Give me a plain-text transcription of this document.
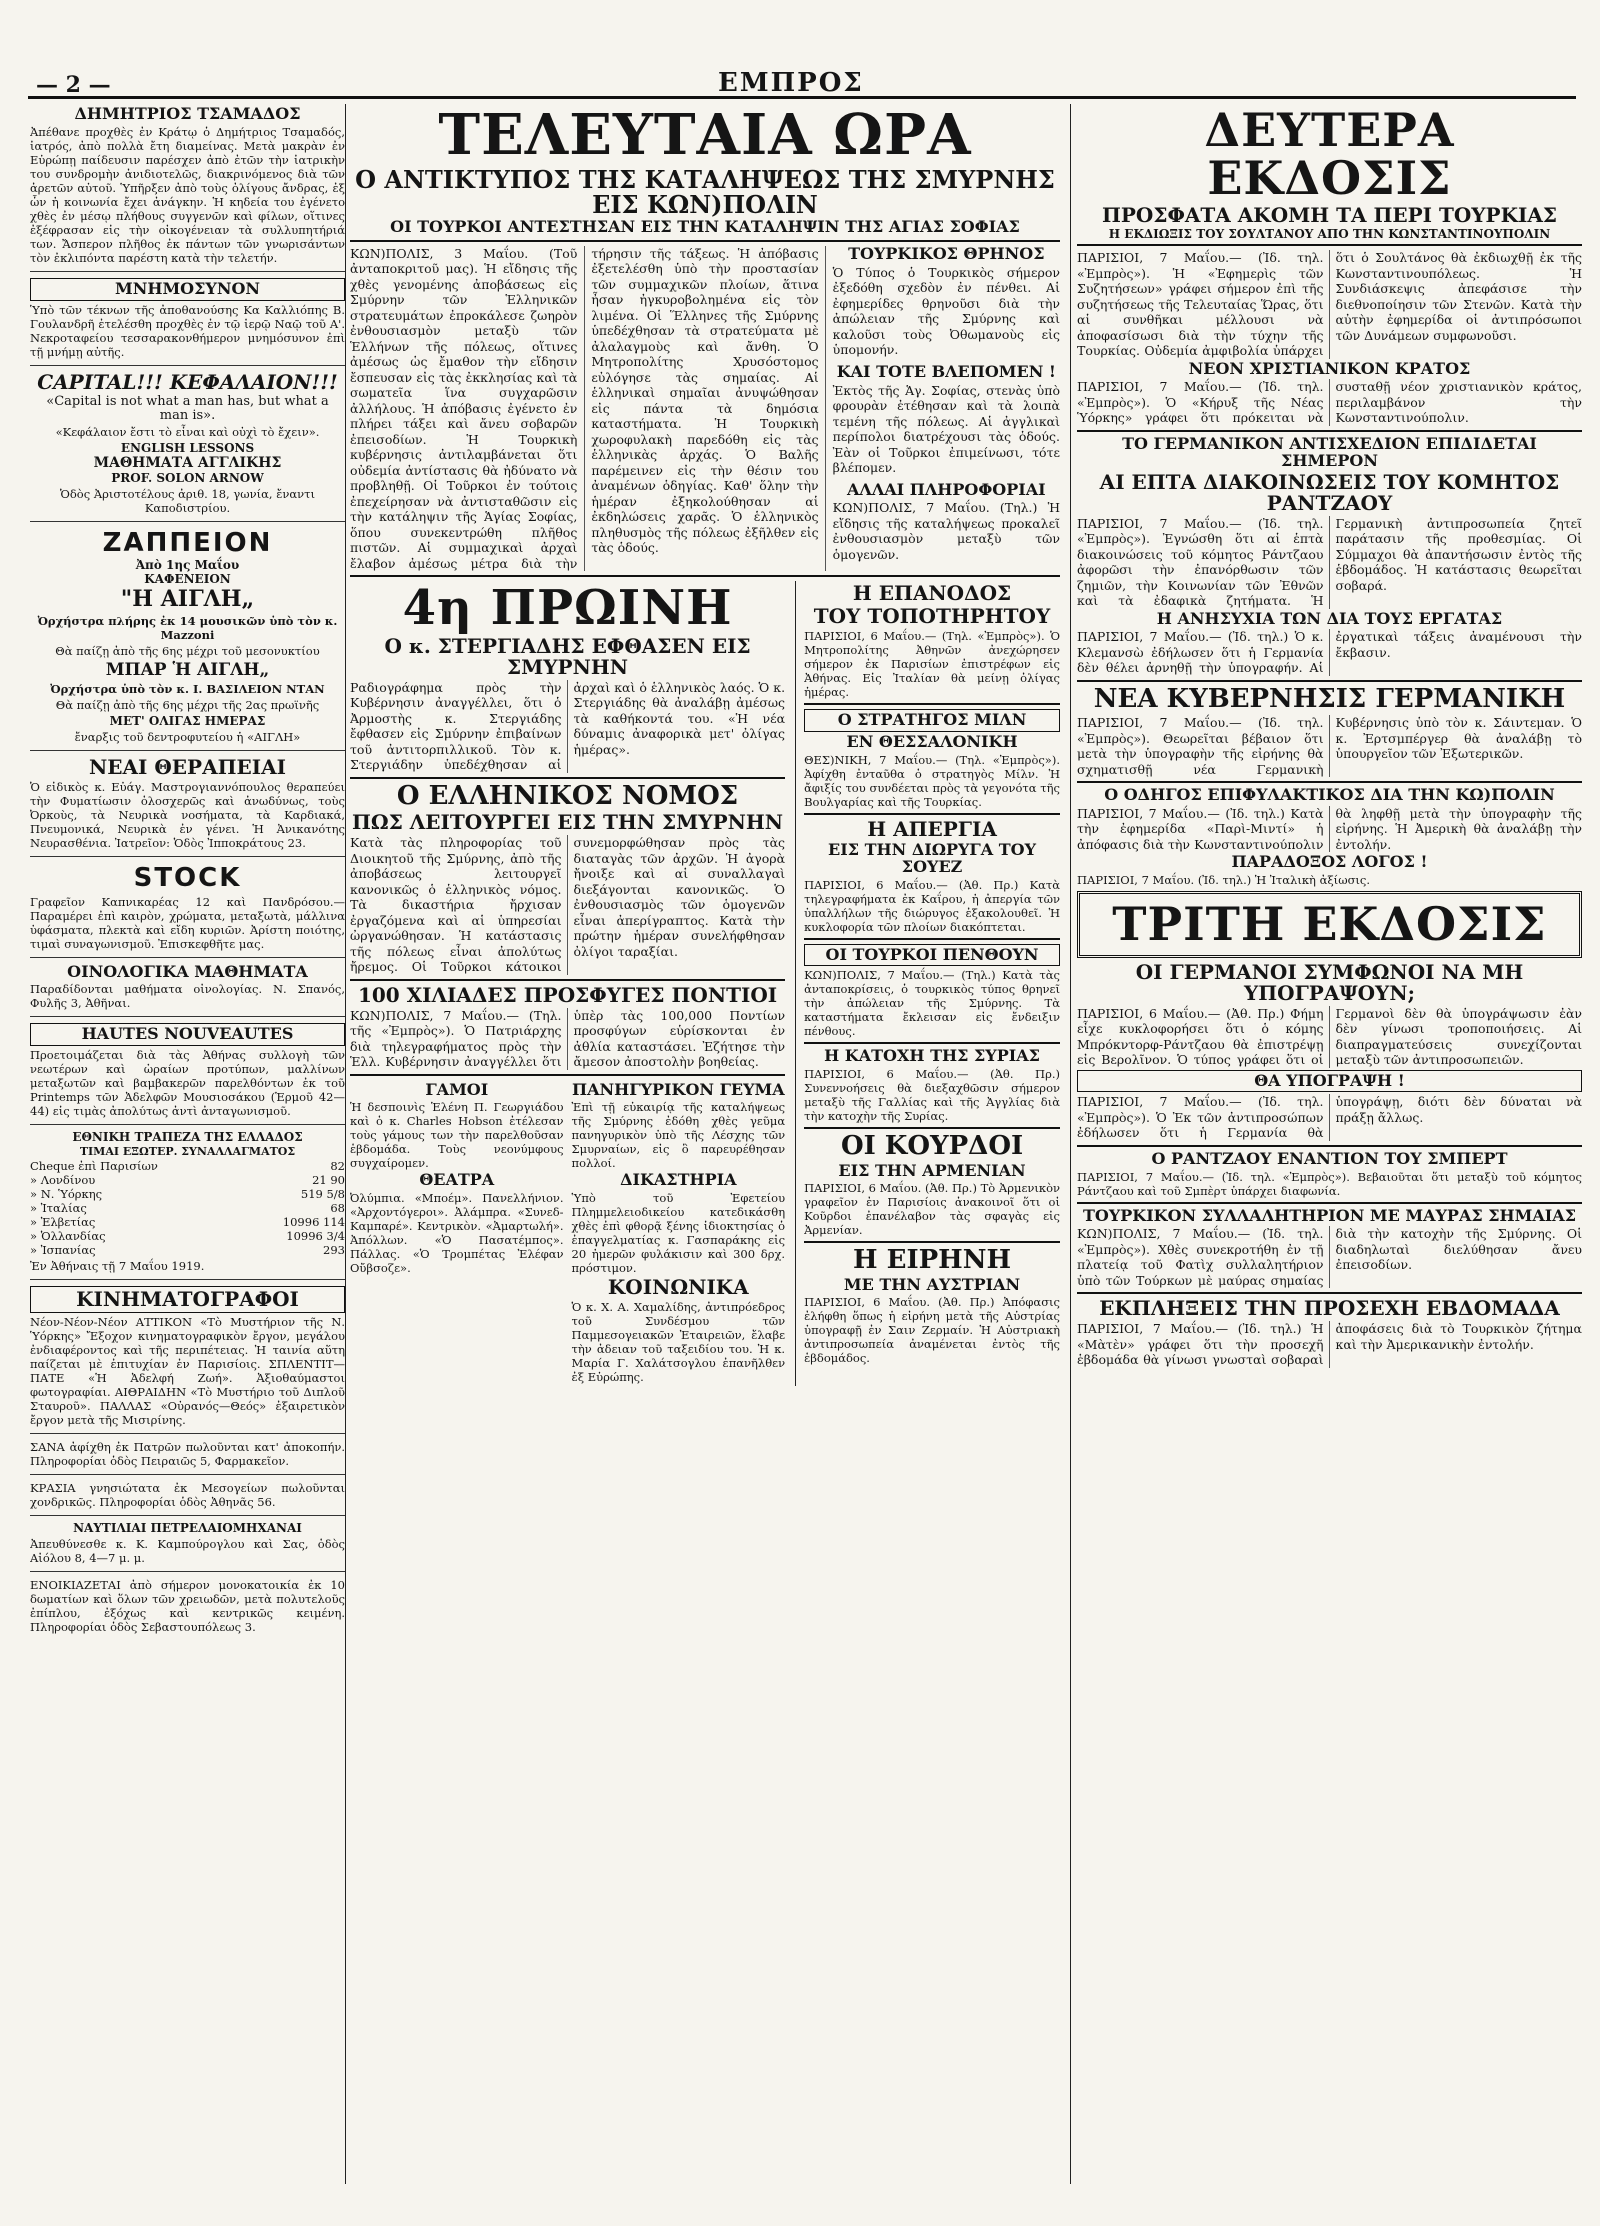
— 2 —	ΕΜΠΡΟΣ
ΔΗΜΗΤΡΙΟΣ ΤΣΑΜΑΔΟΣ
Ἀπέθανε προχθὲς ἐν Κράτῳ ὁ Δημήτριος Τσαμαδός, ἰατρός, ἀπὸ πολλὰ ἔτη διαμείνας. Μετὰ μακρὰν ἐν Εὐρώπῃ παίδευσιν παρέσχεν ἀπὸ ἐτῶν τὴν ἰατρικὴν του συνδρομὴν ἀνιδιοτελῶς, διακρινόμενος διὰ τῶν ἀρετῶν αὐτοῦ. Ὑπῆρξεν ἀπὸ τοὺς ὀλίγους ἄνδρας, ἐξ ὧν ἡ κοινωνία ἔχει ἀνάγκην. Ἡ κηδεία του ἐγένετο χθὲς ἐν μέσῳ πλήθους συγγενῶν καὶ φίλων, οἵτινες ἐξέφρασαν εἰς τὴν οἰκογένειαν τὰ συλλυπητήριά των. Ἄσπερον πλῆθος ἐκ πάντων τῶν γνωρισάντων τὸν ἐκλιπόντα παρέστη κατὰ τὴν τελετήν.
ΜΝΗΜΟΣΥΝΟΝ
Ὑπὸ τῶν τέκνων τῆς ἀποθανούσης Κα Καλλιόπης Β. Γουλανδρῆ ἐτελέσθη προχθὲς ἐν τῷ ἱερῷ Ναῷ τοῦ Α'. Νεκροταφείου τεσσαρακονθήμερον μνημόσυνον ἐπὶ τῇ μνήμῃ αὐτῆς.
CAPITAL!!! ΚΕΦΑΛΑΙΟΝ!!!
«Capital is not what a man has, but what a man is».
«Κεφάλαιον ἔστι τὸ εἶναι καὶ οὐχὶ τὸ ἔχειν».
ENGLISH LESSONS
ΜΑΘΗΜΑΤΑ ΑΓΓΛΙΚΗΣ
PROF. SOLON ARNOW
Ὁδὸς Ἀριστοτέλους ἀριθ. 18, γωνία, ἔναντι Καποδιστρίου.
ΖΑΠΠΕΙΟΝ
Ἀπὸ 1ης Μαΐου
ΚΑΦΕΝΕΙΟΝ
"Η ΑΙΓΛΗ„
Ὀρχήστρα πλήρης ἐκ 14 μουσικῶν ὑπὸ τὸν κ. Mazzoni
Θὰ παίζῃ ἀπὸ τῆς 6ης μέχρι τοῦ μεσονυκτίου
ΜΠΑΡ Ἡ ΑΙΓΛΗ„
Ὀρχήστρα ὑπὸ τὸν κ. Ι. ΒΑΣΙΛΕΙΟΝ ΝΤΑΝ
Θὰ παίζῃ ἀπὸ τῆς 6ης μέχρι τῆς 2ας πρωϊνῆς
ΜΕΤ' ΟΛΙΓΑΣ ΗΜΕΡΑΣ
ἔναρξις τοῦ δεντροφυτείου ἡ «ΑΙΓΛΗ»
ΝΕΑΙ ΘΕΡΑΠΕΙΑΙ
Ὁ εἰδικὸς κ. Εὐάγ. Μαστρογιαννόπουλος θεραπεύει τὴν Φυματίωσιν ὁλοσχερῶς καὶ ἀνωδύνως, τοὺς Ὀρκοὺς, τὰ Νευρικὰ νοσήματα, τὰ Καρδιακά, Πνευμονικά, Νευρικὰ ἐν γένει. Ἡ Ἀνικανότης Νευρασθένια. Ἰατρεῖον: Ὁδὸς Ἰπποκράτους 23.
STOCK
Γραφεῖον Καπνικαρέας 12 καὶ Πανδρόσου.— Παραμέρει ἐπὶ καιρὸν, χρώματα, μεταξωτὰ, μάλλινα ὑφάσματα, πλεκτὰ καὶ εἴδη κυριῶν. Ἀρίστη ποιότης, τιμαὶ συναγωνισμοῦ. Ἐπισκεφθῆτε μας.
ΟΙΝΟΛΟΓΙΚΑ ΜΑΘΗΜΑΤΑ
Παραδίδονται μαθήματα οἰνολογίας. Ν. Σπανός, Φυλῆς 3, Ἀθῆναι.
HAUTES NOUVEAUTES
Προετοιμάζεται διὰ τὰς Ἀθήνας συλλογὴ τῶν νεωτέρων καὶ ὡραίων προτύπων, μαλλίνων μεταξωτῶν καὶ βαμβακερῶν παρελθόντων ἐκ τοῦ Printemps τῶν Ἀδελφῶν Μουσιοσάκου (Ἑρμοῦ 42—44) εἰς τιμὰς ἀπολύτως ἀντὶ ἀνταγωνισμοῦ.
ΕΘΝΙΚΗ ΤΡΑΠΕΖΑ ΤΗΣ ΕΛΛΑΔΟΣ
ΤΙΜΑΙ ΕΞΩΤΕΡ. ΣΥΝΑΛΛΑΓΜΑΤΟΣ
Cheque ἐπὶ Παρισίων	82
» Λονδίνου	21 90
» Ν. Ὑόρκης	519 5/8
» Ἰταλίας	68
» Ἑλβετίας	10996 114
» Ὁλλανδίας	10996 3/4
» Ἰσπανίας	293
Ἐν Ἀθήναις τῇ 7 Μαΐου 1919.
ΚΙΝΗΜΑΤΟΓΡΑΦΟΙ
Νέον-Νέον-Νέον ΑΤΤΙΚΟΝ «Τὸ Μυστήριον τῆς Ν. Ὑόρκης» Ἔξοχον κινηματογραφικὸν ἔργον, μεγάλου ἐνδιαφέροντος καὶ τῆς περιπέτειας. Ἡ ταινία αὕτη παίζεται μὲ ἐπιτυχίαν ἐν Παρισίοις. ΣΠΛΕΝΤΙΤ—ΠΑΤΕ «Ἡ Ἀδελφή Ζωή». Ἀξιοθαύμαστοι φωτογραφίαι. ΑΙΘΡΑΙΔΗΝ «Τὸ Μυστήριο τοῦ Διπλοῦ Σταυροῦ». ΠΑΛΛΑΣ «Οὐρανός—Θεός» ἐξαιρετικὸν ἔργον μετὰ τῆς Μισιρίνης.
ΣΑΝΑ ἀφίχθη ἐκ Πατρῶν πωλοῦνται κατ' ἀποκοπήν. Πληροφορίαι ὁδὸς Πειραιῶς 5, Φαρμακεῖον.
ΚΡΑΣΙΑ γνησιώτατα ἐκ Μεσογείων πωλοῦνται χονδρικῶς. Πληροφορίαι ὁδὸς Ἀθηνᾶς 56.
ΝΑΥΤΙΛΙΑΙ ΠΕΤΡΕΛΑΙΟΜΗΧΑΝΑΙ
Ἀπευθύνεσθε κ. Κ. Καμπούρογλου καὶ Σας, ὁδὸς Αἰόλου 8, 4—7 μ. μ.
ΕΝΟΙΚΙΑΖΕΤΑΙ ἀπὸ σήμερον μονοκατοικία ἐκ 10 δωματίων καὶ ὅλων τῶν χρειωδῶν, μετὰ πολυτελοῦς ἐπίπλου, ἐξόχως καὶ κεντρικῶς κειμένη. Πληροφορίαι ὁδὸς Σεβαστουπόλεως 3.
ΤΕΛΕΥΤΑΙΑ ΩΡΑ
Ο ΑΝΤΙΚΤΥΠΟΣ ΤΗΣ ΚΑΤΑΛΗΨΕΩΣ ΤΗΣ ΣΜΥΡΝΗΣ ΕΙΣ ΚΩΝ)ΠΟΛΙΝ
ΟΙ ΤΟΥΡΚΟΙ ΑΝΤΕΣΤΗΣΑΝ ΕΙΣ ΤΗΝ ΚΑΤΑΛΗΨΙΝ ΤΗΣ ΑΓΙΑΣ ΣΟΦΙΑΣ
ΚΩΝ)ΠΟΛΙΣ, 3 Μαΐου. (Τοῦ ἀνταποκριτοῦ μας). Ἡ εἴδησις τῆς χθὲς γενομένης ἀποβάσεως εἰς Σμύρνην τῶν Ἑλληνικῶν στρατευμάτων ἐπροκάλεσε ζωηρὸν ἐνθουσιασμὸν μεταξὺ τῶν Ἑλλήνων τῆς πόλεως, οἵτινες ἀμέσως ὡς ἔμαθον τὴν εἴδησιν ἔσπευσαν εἰς τὰς ἐκκλησίας καὶ τὰ σωματεῖα ἵνα συγχαρῶσιν ἀλλήλους. Ἡ ἀπόβασις ἐγένετο ἐν πλήρει τάξει καὶ ἄνευ σοβαρῶν ἐπεισοδίων. Ἡ Τουρκικὴ κυβέρνησις ἀντιλαμβάνεται ὅτι οὐδεμία ἀντίστασις θὰ ἠδύνατο νὰ προβληθῇ. Οἱ Τοῦρκοι ἐν τούτοις ἐπεχείρησαν νὰ ἀντισταθῶσιν εἰς τὴν κατάληψιν τῆς Ἁγίας Σοφίας, ὅπου συνεκεντρώθη πλῆθος πιστῶν. Αἱ συμμαχικαὶ ἀρχαὶ ἔλαβον ἀμέσως μέτρα διὰ τὴν τήρησιν τῆς τάξεως. Ἡ ἀπόβασις ἐξετελέσθη ὑπὸ τὴν προστασίαν τῶν συμμαχικῶν πλοίων, ἅτινα ἦσαν ἠγκυροβολημένα εἰς τὸν λιμένα. Οἱ Ἕλληνες τῆς Σμύρνης ὑπεδέχθησαν τὰ στρατεύματα μὲ ἀλαλαγμοὺς καὶ ἄνθη. Ὁ Μητροπολίτης Χρυσόστομος εὐλόγησε τὰς σημαίας. Αἱ ἑλληνικαὶ σημαῖαι ἀνυψώθησαν εἰς πάντα τὰ δημόσια καταστήματα. Ἡ Τουρκικὴ χωροφυλακὴ παρεδόθη εἰς τὰς ἑλληνικὰς ἀρχάς. Ὁ Βαλῆς παρέμεινεν εἰς τὴν θέσιν του ἀναμένων ὁδηγίας. Καθ' ὅλην τὴν ἡμέραν ἐξηκολούθησαν αἱ ἐκδηλώσεις χαρᾶς. Ὁ ἑλληνικὸς πληθυσμὸς τῆς πόλεως ἐξῆλθεν εἰς τὰς ὁδούς.
ΤΟΥΡΚΙΚΟΣ ΘΡΗΝΟΣ
Ὁ Τύπος ὁ Τουρκικὸς σήμερον ἐξεδόθη σχεδὸν ἐν πένθει. Αἱ ἐφημερίδες θρηνοῦσι διὰ τὴν ἀπώλειαν τῆς Σμύρνης καὶ καλοῦσι τοὺς Ὀθωμανοὺς εἰς ὑπομονήν.
ΚΑΙ ΤΟΤΕ ΒΛΕΠΟΜΕΝ !
Ἐκτὸς τῆς Ἁγ. Σοφίας, στενὰς ὑπὸ φρουρὰν ἐτέθησαν καὶ τὰ λοιπὰ τεμένη τῆς πόλεως. Αἱ ἀγγλικαὶ περίπολοι διατρέχουσι τὰς ὁδούς. Ἐὰν οἱ Τοῦρκοι ἐπιμείνωσι, τότε βλέπομεν.
ΑΛΛΑΙ ΠΛΗΡΟΦΟΡΙΑΙ
ΚΩΝ)ΠΟΛΙΣ, 7 Μαΐου. (Τηλ.) Ἡ εἴδησις τῆς καταλήψεως προκαλεῖ ἐνθουσιασμὸν μεταξὺ τῶν ὁμογενῶν.
4η ΠΡΩΙΝΗ
Ο κ. ΣΤΕΡΓΙΑΔΗΣ ΕΦΘΑΣΕΝ ΕΙΣ ΣΜΥΡΝΗΝ
Ραδιογράφημα πρὸς τὴν Κυβέρνησιν ἀναγγέλλει, ὅτι ὁ Ἀρμοστὴς κ. Στεργιάδης ἔφθασεν εἰς Σμύρνην ἐπιβαίνων τοῦ ἀντιτορπιλλικοῦ. Τὸν κ. Στεργιάδην ὑπεδέχθησαν αἱ ἀρχαὶ καὶ ὁ ἑλληνικὸς λαός. Ὁ κ. Στεργιάδης θὰ ἀναλάβῃ ἀμέσως τὰ καθήκοντά του. «Ἡ νέα δύναμις ἀναφορικὰ μετ' ὀλίγας ἡμέρας».
Ο ΕΛΛΗΝΙΚΟΣ ΝΟΜΟΣ
ΠΩΣ ΛΕΙΤΟΥΡΓΕΙ ΕΙΣ ΤΗΝ ΣΜΥΡΝΗΝ
Κατὰ τὰς πληροφορίας τοῦ Διοικητοῦ τῆς Σμύρνης, ἀπὸ τῆς ἀποβάσεως λειτουργεῖ κανονικῶς ὁ ἑλληνικὸς νόμος. Τὰ δικαστήρια ἤρχισαν ἐργαζόμενα καὶ αἱ ὑπηρεσίαι ὠργανώθησαν. Ἡ κατάστασις τῆς πόλεως εἶναι ἀπολύτως ἤρεμος. Οἱ Τοῦρκοι κάτοικοι συνεμορφώθησαν πρὸς τὰς διαταγὰς τῶν ἀρχῶν. Ἡ ἀγορὰ ἤνοιξε καὶ αἱ συναλλαγαὶ διεξάγονται κανονικῶς. Ὁ ἐνθουσιασμὸς τῶν ὁμογενῶν εἶναι ἀπερίγραπτος. Κατὰ τὴν πρώτην ἡμέραν συνελήφθησαν ὀλίγοι ταραξίαι.
100 ΧΙΛΙΑΔΕΣ ΠΡΟΣΦΥΓΕΣ ΠΟΝΤΙΟΙ
ΚΩΝ)ΠΟΛΙΣ, 7 Μαΐου.— (Τηλ. τῆς «Ἐμπρὸς»). Ὁ Πατριάρχης διὰ τηλεγραφήματος πρὸς τὴν Ἑλλ. Κυβέρνησιν ἀναγγέλλει ὅτι ὑπὲρ τὰς 100,000 Ποντίων προσφύγων εὑρίσκονται ἐν ἀθλία καταστάσει. Ἐζήτησε τὴν ἄμεσον ἀποστολὴν βοηθείας.
ΓΑΜΟΙ
Ἡ δεσποινὶς Ἑλένη Π. Γεωργιάδου καὶ ὁ κ. Charles Hobson ἐτέλεσαν τοὺς γάμους των τὴν παρελθοῦσαν ἑβδομάδα. Τοὺς νεονύμφους συγχαίρομεν.
ΘΕΑΤΡΑ
Ὀλύμπια. «Μποέμ». Πανελλήνιον. «Ἀρχοντόγεροι». Ἀλάμπρα. «Συνεδ-Καμπαρέ». Κεντρικὸν. «Ἀμαρτωλή». Ἀπόλλων. «Ὁ Πασατέμπος». Πάλλας. «Ὁ Τρομπέτας Ἐλέφαν Οὔβσοζε».
ΠΑΝΗΓΥΡΙΚΟΝ ΓΕΥΜΑ
Ἐπὶ τῇ εὐκαιρίᾳ τῆς καταλήψεως τῆς Σμύρνης ἐδόθη χθὲς γεῦμα πανηγυρικὸν ὑπὸ τῆς Λέσχης τῶν Σμυρναίων, εἰς ὃ παρευρέθησαν πολλοί.
ΔΙΚΑΣΤΗΡΙΑ
Ὑπὸ τοῦ Ἐφετείου Πλημμελειοδικείου κατεδικάσθη χθὲς ἐπὶ φθορᾷ ξένης ἰδιοκτησίας ὁ ἐπαγγελματίας κ. Γασπαράκης εἰς 20 ἡμερῶν φυλάκισιν καὶ 300 δρχ. πρόστιμον.
ΚΟΙΝΩΝΙΚΑ
Ὁ κ. Χ. Α. Χαμαλίδης, ἀντιπρόεδρος τοῦ Συνδέσμου τῶν Παμμεσογειακῶν Ἑταιρειῶν, ἔλαβε τὴν ἀδειαν τοῦ ταξειδίου του. Ἡ κ. Μαρία Γ. Χαλάτσογλου ἐπανῆλθεν ἐξ Εὐρώπης.
Η ΕΠΑΝΟΔΟΣ
ΤΟΥ ΤΟΠΟΤΗΡΗΤΟΥ
ΠΑΡΙΣΙΟΙ, 6 Μαΐου.— (Τηλ. «Ἐμπρὸς»). Ὁ Μητροπολίτης Ἀθηνῶν ἀνεχώρησεν σήμερον ἐκ Παρισίων ἐπιστρέφων εἰς Ἀθήνας. Εἰς Ἰταλίαν θὰ μείνῃ ὀλίγας ἡμέρας.
Ο ΣΤΡΑΤΗΓΟΣ ΜΙΛΝ
ΕΝ ΘΕΣΣΑΛΟΝΙΚΗ
ΘΕΣ)ΝΙΚΗ, 7 Μαΐου.— (Τηλ. «Ἐμπρὸς»). Ἀφίχθη ἐνταῦθα ὁ στρατηγὸς Μίλν. Ἡ ἄφιξίς του συνδέεται πρὸς τὰ γεγονότα τῆς Βουλγαρίας καὶ τῆς Τουρκίας.
Η ΑΠΕΡΓΙΑ
ΕΙΣ ΤΗΝ ΔΙΩΡΥΓΑ ΤΟΥ ΣΟΥΕΖ
ΠΑΡΙΣΙΟΙ, 6 Μαΐου.— (Ἀθ. Πρ.) Κατὰ τηλεγραφήματα ἐκ Καΐρου, ἡ ἀπεργία τῶν ὑπαλλήλων τῆς διώρυγος ἐξακολουθεῖ. Ἡ κυκλοφορία τῶν πλοίων διακόπτεται.
ΟΙ ΤΟΥΡΚΟΙ ΠΕΝΘΟΥΝ
ΚΩΝ)ΠΟΛΙΣ, 7 Μαΐου.— (Τηλ.) Κατὰ τὰς ἀνταποκρίσεις, ὁ τουρκικὸς τύπος θρηνεῖ τὴν ἀπώλειαν τῆς Σμύρνης. Τὰ καταστήματα ἔκλεισαν εἰς ἔνδειξιν πένθους.
Η ΚΑΤΟΧΗ ΤΗΣ ΣΥΡΙΑΣ
ΠΑΡΙΣΙΟΙ, 6 Μαΐου.— (Ἀθ. Πρ.) Συνεννοήσεις θὰ διεξαχθῶσιν σήμερον μεταξὺ τῆς Γαλλίας καὶ τῆς Ἀγγλίας διὰ τὴν κατοχὴν τῆς Συρίας.
ΟΙ ΚΟΥΡΔΟΙ
ΕΙΣ ΤΗΝ ΑΡΜΕΝΙΑΝ
ΠΑΡΙΣΙΟΙ, 6 Μαΐου. (Ἀθ. Πρ.) Τὸ Ἀρμενικὸν γραφεῖον ἐν Παρισίοις ἀνακοινοῖ ὅτι οἱ Κοῦρδοι ἐπανέλαβον τὰς σφαγὰς εἰς Ἀρμενίαν.
Η ΕΙΡΗΝΗ
ΜΕ ΤΗΝ ΑΥΣΤΡΙΑΝ
ΠΑΡΙΣΙΟΙ, 6 Μαΐου. (Ἀθ. Πρ.) Ἀπόφασις ἐλήφθη ὅπως ἡ εἰρήνη μετὰ τῆς Αὐστρίας ὑπογραφῇ ἐν Σαιν Ζερμαίν. Ἡ Αὐστριακὴ ἀντιπροσωπεία ἀναμένεται ἐντὸς τῆς ἑβδομάδος.
ΔΕΥΤΕΡΑ ΕΚΔΟΣΙΣ
ΠΡΟΣΦΑΤΑ ΑΚΟΜΗ ΤΑ ΠΕΡΙ ΤΟΥΡΚΙΑΣ
Η ΕΚΔΙΩΞΙΣ ΤΟΥ ΣΟΥΛΤΑΝΟΥ ΑΠΟ ΤΗΝ ΚΩΝΣΤΑΝΤΙΝΟΥΠΟΛΙΝ
ΠΑΡΙΣΙΟΙ, 7 Μαΐου.— (Ἰδ. τηλ. «Ἐμπρὸς»). Ἡ «Ἐφημερὶς τῶν Συζητήσεων» γράφει σήμερον ἐπὶ τῆς συζητήσεως τῆς Τελευταίας Ὥρας, ὅτι αἱ συνθῆκαι μέλλουσι νὰ ἀποφασίσωσι διὰ τὴν τύχην τῆς Τουρκίας. Οὐδεμία ἀμφιβολία ὑπάρχει ὅτι ὁ Σουλτάνος θὰ ἐκδιωχθῇ ἐκ τῆς Κωνσταντινουπόλεως. Ἡ Συνδιάσκεψις ἀπεφάσισε τὴν διεθνοποίησιν τῶν Στενῶν. Κατὰ τὴν αὐτὴν ἐφημερίδα οἱ ἀντιπρόσωποι τῶν Δυνάμεων συμφωνοῦσι.
ΝΕΟΝ ΧΡΙΣΤΙΑΝΙΚΟΝ ΚΡΑΤΟΣ
ΠΑΡΙΣΙΟΙ, 7 Μαΐου.— (Ἰδ. τηλ. «Ἐμπρὸς»). Ὁ «Κήρυξ τῆς Νέας Ὑόρκης» γράφει ὅτι πρόκειται νὰ συσταθῇ νέον χριστιανικὸν κράτος, περιλαμβάνον τὴν Κωνσταντινούπολιν.
ΤΟ ΓΕΡΜΑΝΙΚΟΝ ΑΝΤΙΣΧΕΔΙΟΝ ΕΠΙΔΙΔΕΤΑΙ ΣΗΜΕΡΟΝ
ΑΙ ΕΠΤΑ ΔΙΑΚΟΙΝΩΣΕΙΣ ΤΟΥ ΚΟΜΗΤΟΣ ΡΑΝΤΖΑΟΥ
ΠΑΡΙΣΙΟΙ, 7 Μαΐου.— (Ἰδ. τηλ. «Ἐμπρὸς»). Ἐγνώσθη ὅτι αἱ ἑπτὰ διακοινώσεις τοῦ κόμητος Ράντζαου ἀφορῶσι τὴν ἐπανόρθωσιν τῶν ζημιῶν, τὴν Κοινωνίαν τῶν Ἐθνῶν καὶ τὰ ἐδαφικὰ ζητήματα. Ἡ Γερμανικὴ ἀντιπροσωπεία ζητεῖ παράτασιν τῆς προθεσμίας. Οἱ Σύμμαχοι θὰ ἀπαντήσωσιν ἐντὸς τῆς ἑβδομάδος. Ἡ κατάστασις θεωρεῖται σοβαρά.
Η ΑΝΗΣΥΧΙΑ ΤΩΝ ΔΙΑ ΤΟΥΣ ΕΡΓΑΤΑΣ
ΠΑΡΙΣΙΟΙ, 7 Μαΐου.— (Ἰδ. τηλ.) Ὁ κ. Κλεμανσὼ ἐδήλωσεν ὅτι ἡ Γερμανία δὲν θέλει ἀρνηθῇ τὴν ὑπογραφήν. Αἱ ἐργατικαὶ τάξεις ἀναμένουσι τὴν ἔκβασιν.
ΝΕΑ ΚΥΒΕΡΝΗΣΙΣ ΓΕΡΜΑΝΙΚΗ
ΠΑΡΙΣΙΟΙ, 7 Μαΐου.— (Ἰδ. τηλ. «Ἐμπρὸς»). Θεωρεῖται βέβαιον ὅτι μετὰ τὴν ὑπογραφὴν τῆς εἰρήνης θὰ σχηματισθῇ νέα Γερμανικὴ Κυβέρνησις ὑπὸ τὸν κ. Σάιντεμαν. Ὁ κ. Ἐρτσμπέργερ θὰ ἀναλάβῃ τὸ ὑπουργεῖον τῶν Ἐξωτερικῶν.
Ο ΟΔΗΓΟΣ ΕΠΙΦΥΛΑΚΤΙΚΟΣ ΔΙΑ ΤΗΝ ΚΩ)ΠΟΛΙΝ
ΠΑΡΙΣΙΟΙ, 7 Μαΐου.— (Ἰδ. τηλ.) Κατὰ τὴν ἐφημερίδα «Παρὶ-Μιντί» ἡ ἀπόφασις διὰ τὴν Κωνσταντινούπολιν θὰ ληφθῇ μετὰ τὴν ὑπογραφὴν τῆς εἰρήνης. Ἡ Ἀμερικὴ θὰ ἀναλάβῃ τὴν ἐντολήν.
ΠΑΡΑΔΟΞΟΣ ΛΟΓΟΣ !
ΠΑΡΙΣΙΟΙ, 7 Μαΐου. (Ἰδ. τηλ.) Ἡ Ἰταλικὴ ἀξίωσις.
ΤΡΙΤΗ ΕΚΔΟΣΙΣ
ΟΙ ΓΕΡΜΑΝΟΙ ΣΥΜΦΩΝΟΙ ΝΑ ΜΗ ΥΠΟΓΡΑΨΟΥΝ;
ΠΑΡΙΣΙΟΙ, 6 Μαΐου.— (Ἀθ. Πρ.) Φήμη εἶχε κυκλοφορήσει ὅτι ὁ κόμης Μπρόκντορφ-Ράντζαου θὰ ἐπιστρέψῃ εἰς Βερολῖνον. Ὁ τύπος γράφει ὅτι οἱ Γερμανοὶ δὲν θὰ ὑπογράψωσιν ἐὰν δὲν γίνωσι τροποποιήσεις. Αἱ διαπραγματεύσεις συνεχίζονται μεταξὺ τῶν ἀντιπροσωπειῶν.
ΘΑ ΥΠΟΓΡΑΨΗ !
ΠΑΡΙΣΙΟΙ, 7 Μαΐου.— (Ἰδ. τηλ. «Ἐμπρὸς»). Ὁ Ἐκ τῶν ἀντιπροσώπων ἐδήλωσεν ὅτι ἡ Γερμανία θὰ ὑπογράψῃ, διότι δὲν δύναται νὰ πράξῃ ἄλλως.
Ο ΡΑΝΤΖΑΟΥ ΕΝΑΝΤΙΟΝ ΤΟΥ ΣΜΠΕΡΤ
ΠΑΡΙΣΙΟΙ, 7 Μαΐου.— (Ἰδ. τηλ. «Ἐμπρὸς»). Βεβαιοῦται ὅτι μεταξὺ τοῦ κόμητος Ράντζαου καὶ τοῦ Σμπὲρτ ὑπάρχει διαφωνία.
ΤΟΥΡΚΙΚΟΝ ΣΥΛΛΑΛΗΤΗΡΙΟΝ ΜΕ ΜΑΥΡΑΣ ΣΗΜΑΙΑΣ
ΚΩΝ)ΠΟΛΙΣ, 7 Μαΐου.— (Ἰδ. τηλ. «Ἐμπρὸς»). Χθὲς συνεκροτήθη ἐν τῇ πλατείᾳ τοῦ Φατὶχ συλλαλητήριον ὑπὸ τῶν Τούρκων μὲ μαύρας σημαίας διὰ τὴν κατοχὴν τῆς Σμύρνης. Οἱ διαδηλωταὶ διελύθησαν ἄνευ ἐπεισοδίων.
ΕΚΠΛΗΞΕΙΣ ΤΗΝ ΠΡΟΣΕΧΗ ΕΒΔΟΜΑΔΑ
ΠΑΡΙΣΙΟΙ, 7 Μαΐου.— (Ἰδ. τηλ.) Ἡ «Μὰτὲν» γράφει ὅτι τὴν προσεχῆ ἑβδομάδα θὰ γίνωσι γνωσταὶ σοβαραὶ ἀποφάσεις διὰ τὸ Τουρκικὸν ζήτημα καὶ τὴν Ἀμερικανικὴν ἐντολήν.
